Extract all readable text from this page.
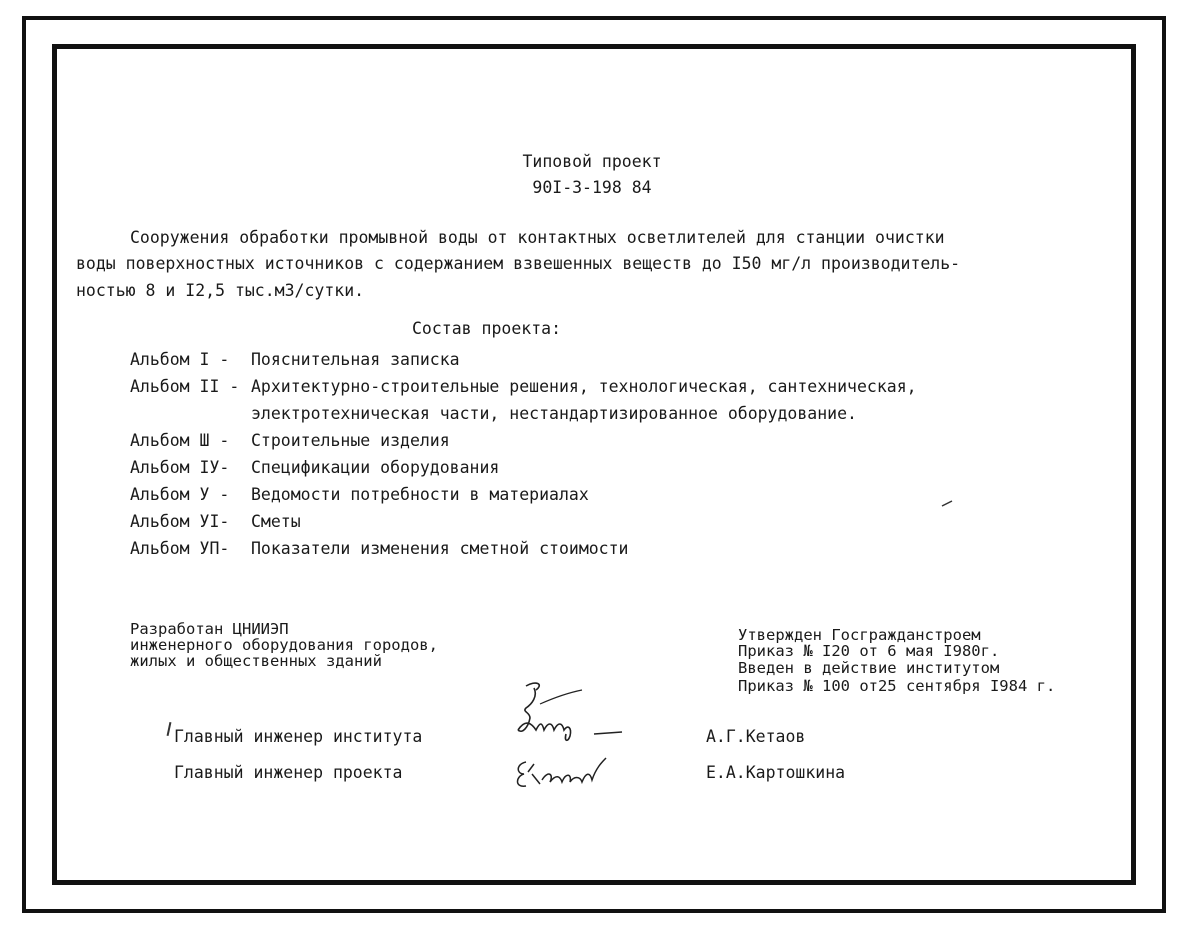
Типовой проект
90I-3-198 84
Сооружения обработки промывной воды от контактных осветлителей для станции очистки
воды поверхностных источников с содержанием взвешенных веществ до I50 мг/л производитель-
ностью 8 и I2,5 тыс.мЗ/сутки.
Состав проекта:
Альбом I - Пояснительная записка
Альбом II - Архитектурно-строительные решения, технологическая, сантехническая,
электротехническая части, нестандартизированное оборудование.
Альбом Ш - Строительные изделия
Альбом IУ- Спецификации оборудования
Альбом У - Ведомости потребности в материалах
Альбом УI- Сметы
Альбом УП- Показатели изменения сметной стоимости
Разработан ЦНИИЭП
инженерного оборудования городов,
жилых и общественных зданий
Утвержден Госгражданстроем
Приказ № I20 от 6 мая I980г.
Введен в действие институтом
Приказ № 100 от25 сентября I984 г.
Главный инженер института	А.Г.Кетаов
Главный инженер проекта	Е.А.Картошкина
